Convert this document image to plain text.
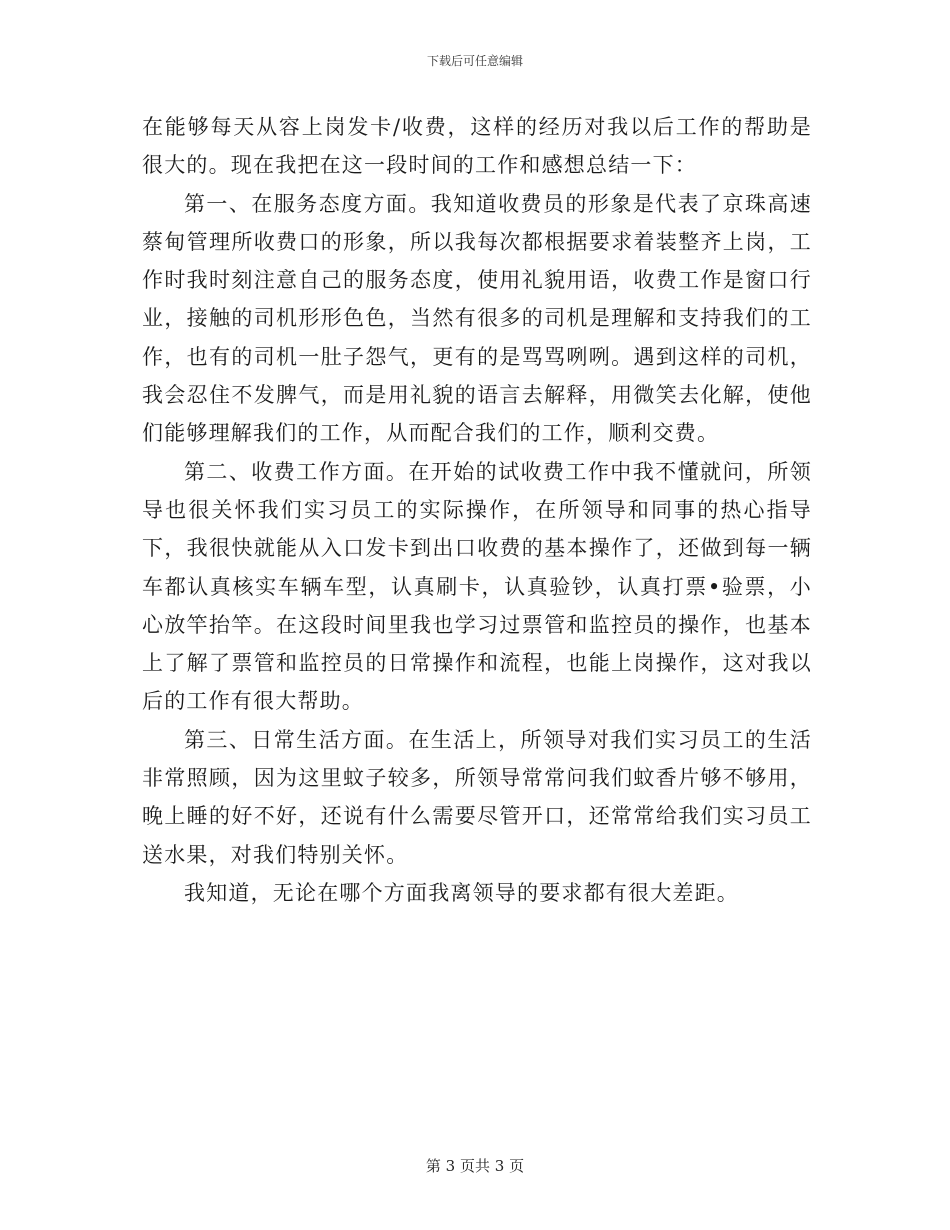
下载后可任意编辑

在能够每天从容上岗发卡/收费，这样的经历对我以后工作的帮助是很大的。现在我把在这一段时间的工作和感想总结一下：

第一、在服务态度方面。我知道收费员的形象是代表了京珠高速蔡甸管理所收费口的形象，所以我每次都根据要求着装整齐上岗，工作时我时刻注意自己的服务态度，使用礼貌用语，收费工作是窗口行业，接触的司机形形色色，当然有很多的司机是理解和支持我们的工作，也有的司机一肚子怨气，更有的是骂骂咧咧。遇到这样的司机，我会忍住不发脾气，而是用礼貌的语言去解释，用微笑去化解，使他们能够理解我们的工作，从而配合我们的工作，顺利交费。

第二、收费工作方面。在开始的试收费工作中我不懂就问，所领导也很关怀我们实习员工的实际操作，在所领导和同事的热心指导下，我很快就能从入口发卡到出口收费的基本操作了，还做到每一辆车都认真核实车辆车型，认真刷卡，认真验钞，认真打票•验票，小心放竿抬竿。在这段时间里我也学习过票管和监控员的操作，也基本上了解了票管和监控员的日常操作和流程，也能上岗操作，这对我以后的工作有很大帮助。

第三、日常生活方面。在生活上，所领导对我们实习员工的生活非常照顾，因为这里蚊子较多，所领导常常问我们蚊香片够不够用，晚上睡的好不好，还说有什么需要尽管开口，还常常给我们实习员工送水果，对我们特别关怀。

我知道，无论在哪个方面我离领导的要求都有很大差距。

第 3 页共 3 页
